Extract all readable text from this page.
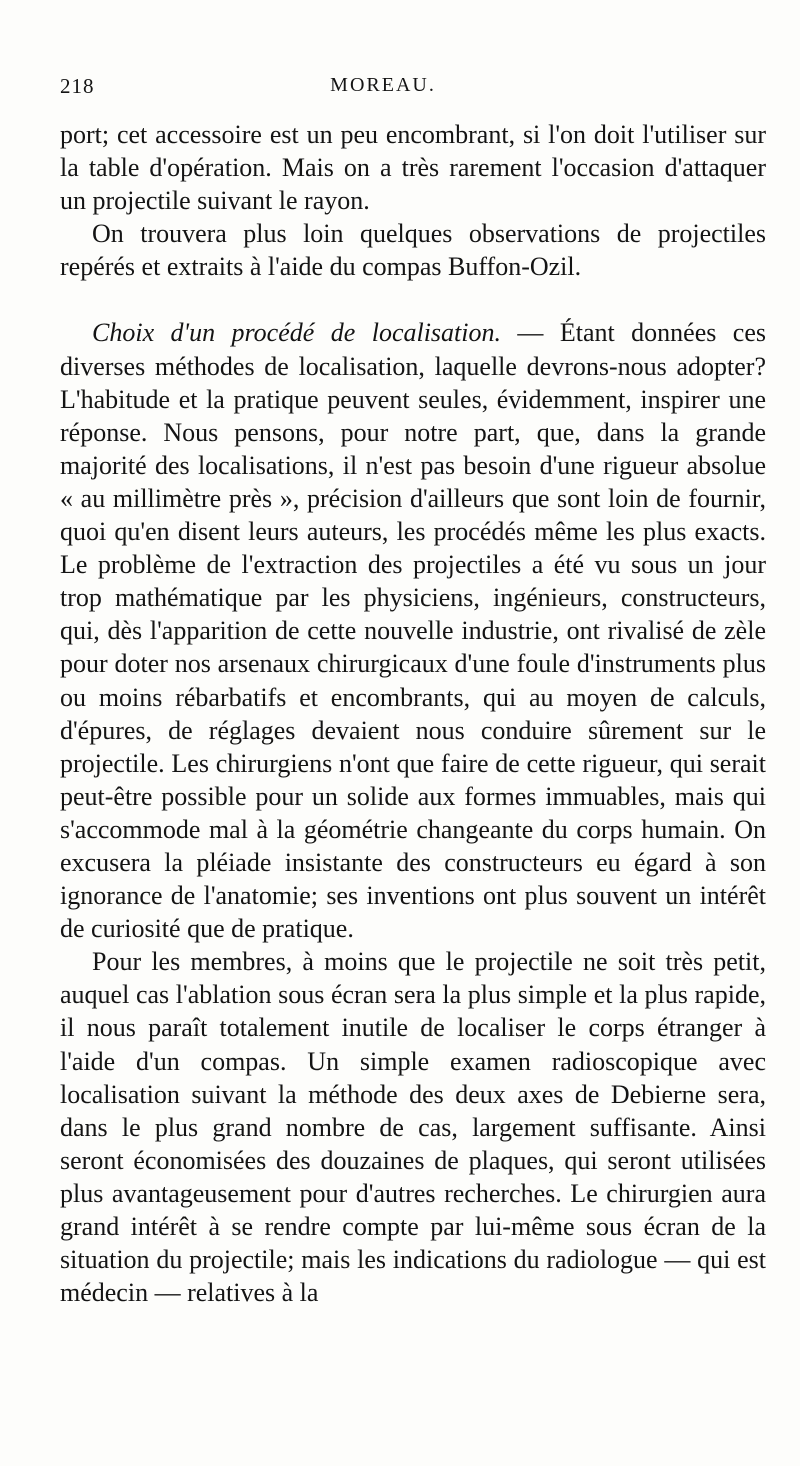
218	MOREAU.

port; cet accessoire est un peu encombrant, si l'on doit l'utiliser sur la table d'opération. Mais on a très rarement l'occasion d'attaquer un projectile suivant le rayon.

On trouvera plus loin quelques observations de projectiles repérés et extraits à l'aide du compas Buffon-Ozil.

Choix d'un procédé de localisation. — Étant données ces diverses méthodes de localisation, laquelle devrons-nous adopter? L'habitude et la pratique peuvent seules, évidemment, inspirer une réponse. Nous pensons, pour notre part, que, dans la grande majorité des localisations, il n'est pas besoin d'une rigueur absolue « au millimètre près », précision d'ailleurs que sont loin de fournir, quoi qu'en disent leurs auteurs, les procédés même les plus exacts. Le problème de l'extraction des projectiles a été vu sous un jour trop mathématique par les physiciens, ingénieurs, constructeurs, qui, dès l'apparition de cette nouvelle industrie, ont rivalisé de zèle pour doter nos arsenaux chirurgicaux d'une foule d'instruments plus ou moins rébarbatifs et encombrants, qui au moyen de calculs, d'épures, de réglages devaient nous conduire sûrement sur le projectile. Les chirurgiens n'ont que faire de cette rigueur, qui serait peut-être possible pour un solide aux formes immuables, mais qui s'accommode mal à la géométrie changeante du corps humain. On excusera la pléiade insistante des constructeurs eu égard à son ignorance de l'anatomie; ses inventions ont plus souvent un intérêt de curiosité que de pratique.

Pour les membres, à moins que le projectile ne soit très petit, auquel cas l'ablation sous écran sera la plus simple et la plus rapide, il nous paraît totalement inutile de localiser le corps étranger à l'aide d'un compas. Un simple examen radioscopique avec localisation suivant la méthode des deux axes de Debierne sera, dans le plus grand nombre de cas, largement suffisante. Ainsi seront économisées des douzaines de plaques, qui seront utilisées plus avantageusement pour d'autres recherches. Le chirurgien aura grand intérêt à se rendre compte par lui-même sous écran de la situation du projectile; mais les indications du radiologue — qui est médecin — relatives à la
